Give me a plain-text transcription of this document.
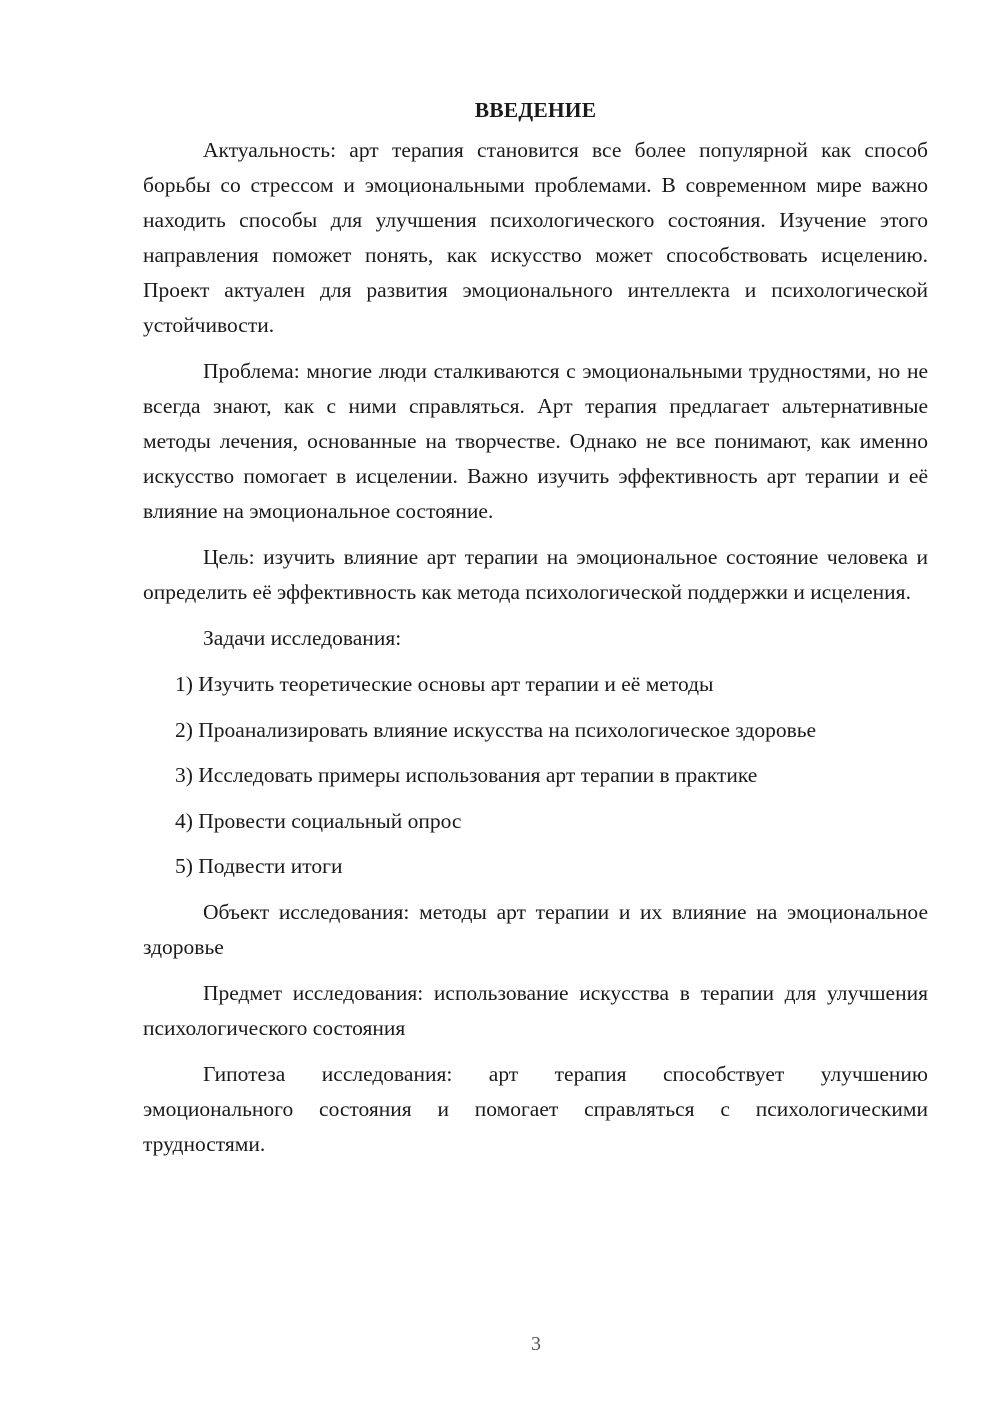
ВВЕДЕНИЕ

Актуальность: арт терапия становится все более популярной как способ борьбы со стрессом и эмоциональными проблемами. В современном мире важно находить способы для улучшения психологического состояния. Изучение этого направления поможет понять, как искусство может способствовать исцелению. Проект актуален для развития эмоционального интеллекта и психологической устойчивости.

Проблема: многие люди сталкиваются с эмоциональными трудностями, но не всегда знают, как с ними справляться. Арт терапия предлагает альтернативные методы лечения, основанные на творчестве. Однако не все понимают, как именно искусство помогает в исцелении. Важно изучить эффективность арт терапии и её влияние на эмоциональное состояние.

Цель: изучить влияние арт терапии на эмоциональное состояние человека и определить её эффективность как метода психологической поддержки и исцеления.

Задачи исследования:

1) Изучить теоретические основы арт терапии и её методы
2) Проанализировать влияние искусства на психологическое здоровье
3) Исследовать примеры использования арт терапии в практике
4) Провести социальный опрос
5) Подвести итоги

Объект исследования: методы арт терапии и их влияние на эмоциональное здоровье

Предмет исследования: использование искусства в терапии для улучшения психологического состояния

Гипотеза исследования: арт терапия способствует улучшению эмоционального состояния и помогает справляться с психологическими трудностями.

3
